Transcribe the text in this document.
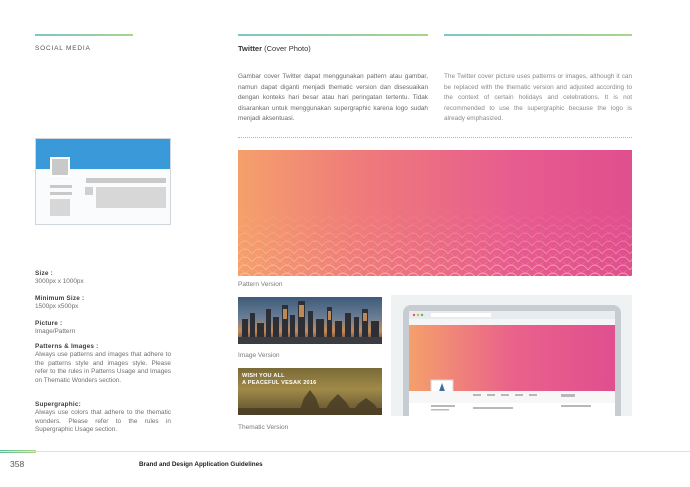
SOCIAL MEDIA	Twitter (Cover Photo)
Gambar cover Twitter dapat menggunakan pattern atau gambar, namun dapat diganti menjadi thematic version dan disesuaikan dengan konteks hari besar atau hari peringatan tertentu. Tidak disarankan untuk menggunakan supergraphic karena logo sudah menjadi aksentuasi.
The Twitter cover picture uses patterns or images, although it can be replaced with the thematic version and adjusted according to the context of certain holidays and celebrations. It is not recommended to use the supergraphic because the logo is already emphasized.
Size :
3000px x 1000px
Minimum Size :
1500px x500px
Picture :
Image/Pattern
Patterns & Images :
Always use patterns and images that adhere to the patterns style and images style. Please refer to the rules in Patterns Usage and Images on Thematic Wonders section.
Supergraphic:
Always use colors that adhere to the thematic wonders. Please refer to the rules in Supergraphic Usage section.
Pattern Version
Image Version
WISH YOU ALL
A PEACEFUL VESAK 2016
Thematic Version
358	Brand and Design Application Guidelines
